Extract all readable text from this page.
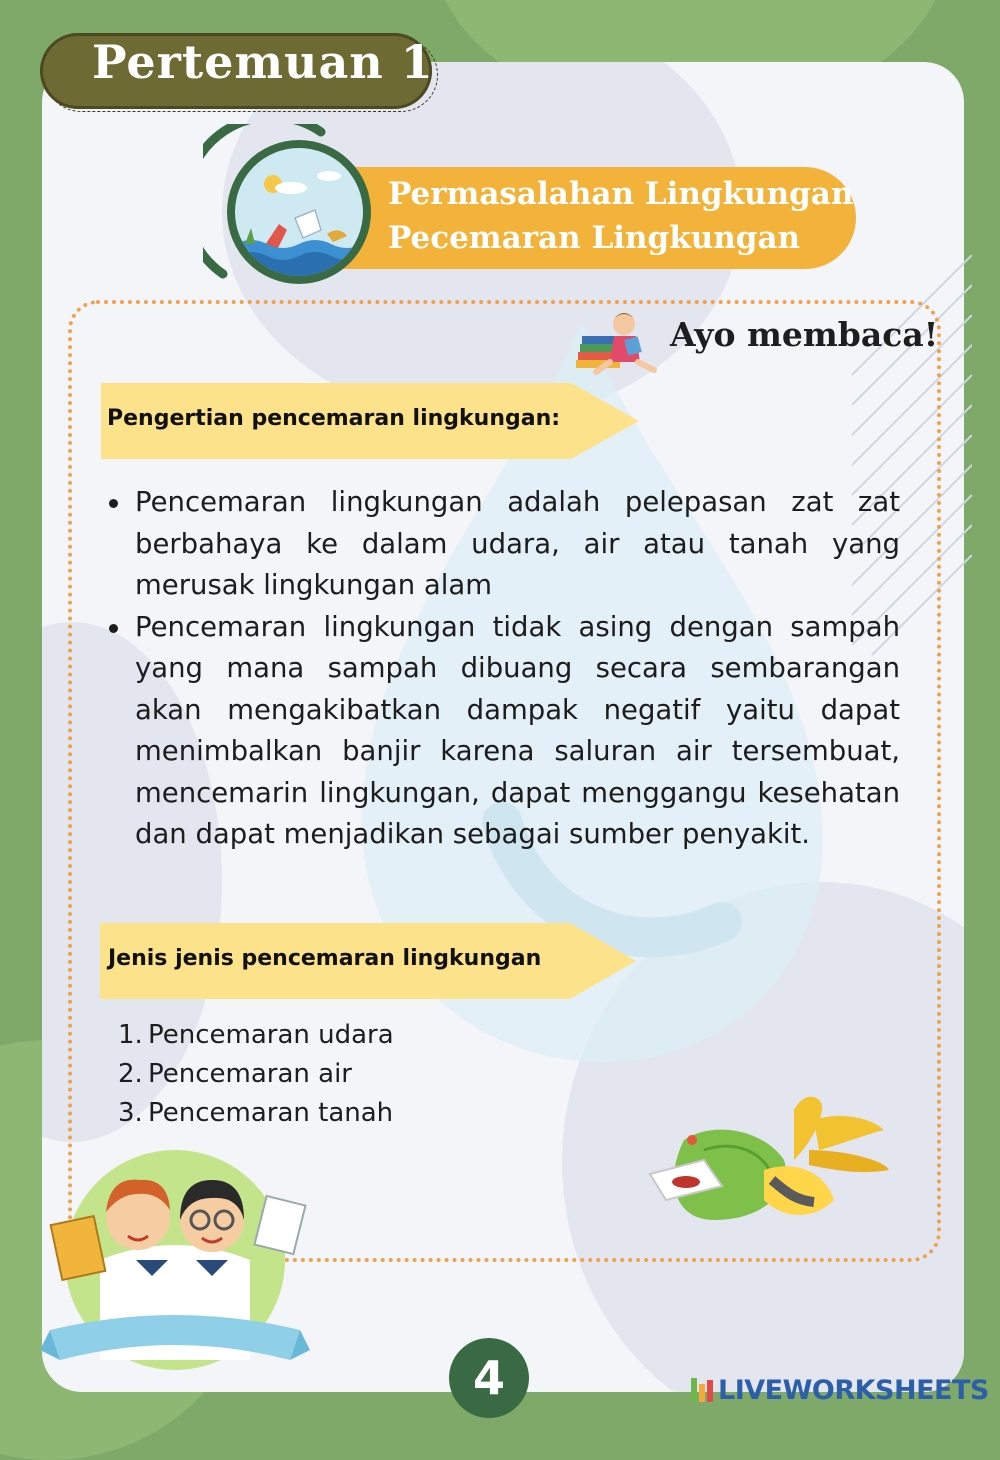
Pertemuan 1
Permasalahan Lingkungan
Pecemaran Lingkungan
Ayo membaca!
Pengertian pencemaran lingkungan:
Pencemaran lingkungan adalah pelepasan zat zat berbahaya ke dalam udara, air atau tanah yang merusak lingkungan alam
Pencemaran lingkungan tidak asing dengan sampah yang mana sampah dibuang secara sembarangan akan mengakibatkan dampak negatif yaitu dapat menimbalkan banjir karena saluran air tersembuat, mencemarin lingkungan, dapat menggangu kesehatan dan dapat menjadikan sebagai sumber penyakit.
Jenis jenis pencemaran lingkungan
1. Pencemaran udara
2. Pencemaran air
3. Pencemaran tanah
4	LIVEWORKSHEETS
